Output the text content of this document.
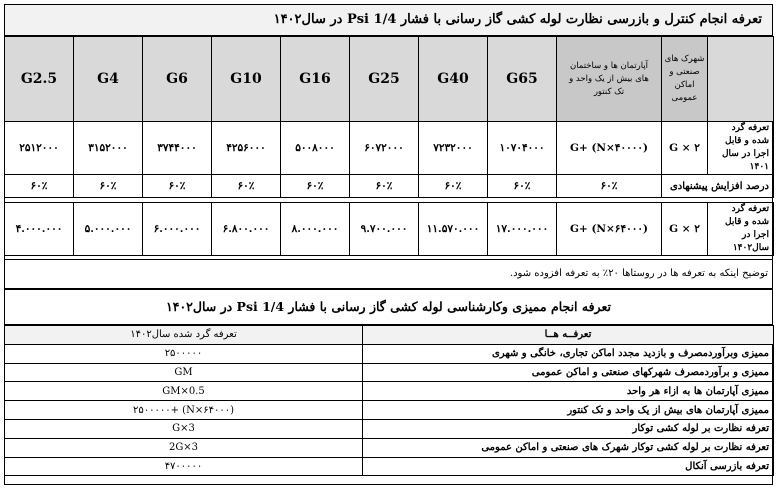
تعرفه انجام کنترل و بازرسی نظارت لوله کشی گاز رسانی با فشار 1/4 Psi در سال۱۴۰۲
	شهرک های صنعتی و اماکن عمومی	آپارتمان ها و ساختمان های بیش از یک واحد و تک کنتور	G65	G40	G25	G16	G10	G6	G4	G2.5
تعرفه گرد شده و قابل اجرا در سال ۱۴۰۱	G × ۲	(N×۴۰۰۰۰) +G	۱۰۷۰۴۰۰۰	۷۲۳۲۰۰۰	۶۰۷۲۰۰۰	۵۰۰۸۰۰۰	۴۲۵۶۰۰۰	۳۷۴۴۰۰۰	۳۱۵۲۰۰۰	۲۵۱۲۰۰۰
درصد افزایش پیشنهادی		۶۰٪	۶۰٪	۶۰٪	۶۰٪	۶۰٪	۶۰٪	۶۰٪	۶۰٪	۶۰٪

تعرفه گرد شده و قابل اجرا در سال۱۴۰۲	G × ۲	(N×۶۴۰۰۰) +G	۱۷.۰۰۰.۰۰۰	۱۱.۵۷۰.۰۰۰	۹.۷۰۰.۰۰۰	۸.۰۰۰.۰۰۰	۶.۸۰۰.۰۰۰	۶.۰۰۰.۰۰۰	۵.۰۰۰.۰۰۰	۴.۰۰۰.۰۰۰
توضیح اینکه به تعرفه ها در روستاها ۲۰٪ به تعرفه افزوده شود.
تعرفه انجام ممیزی وکارشناسی لوله کشی گاز رسانی با فشار 1/4 Psi در سال۱۴۰۲
تعرفــه هــا	تعرفه گرد شده سال۱۴۰۲
ممیزی وبرآوردمصرف و بازدید مجدد اماکن تجاری، خانگی و شهری	۲۵۰۰۰۰۰
ممیزی و برآوردمصرف شهرکهای صنعتی و اماکن عمومی	GM
ممیزی آپارتمان ها به ازاء هر واحد	GM×0.5
ممیزی آپارتمان های بیش از یک واحد و تک کنتور	(N×۶۴۰۰۰) +۲۵۰۰۰۰۰
تعرفه نظارت بر لوله کشی توکار	G×3
تعرفه نظارت بر لوله کشی توکار شهرک های صنعتی و اماکن عمومی	2G×3
تعرفه بازرسی آنکال	۴۷۰۰۰۰۰
